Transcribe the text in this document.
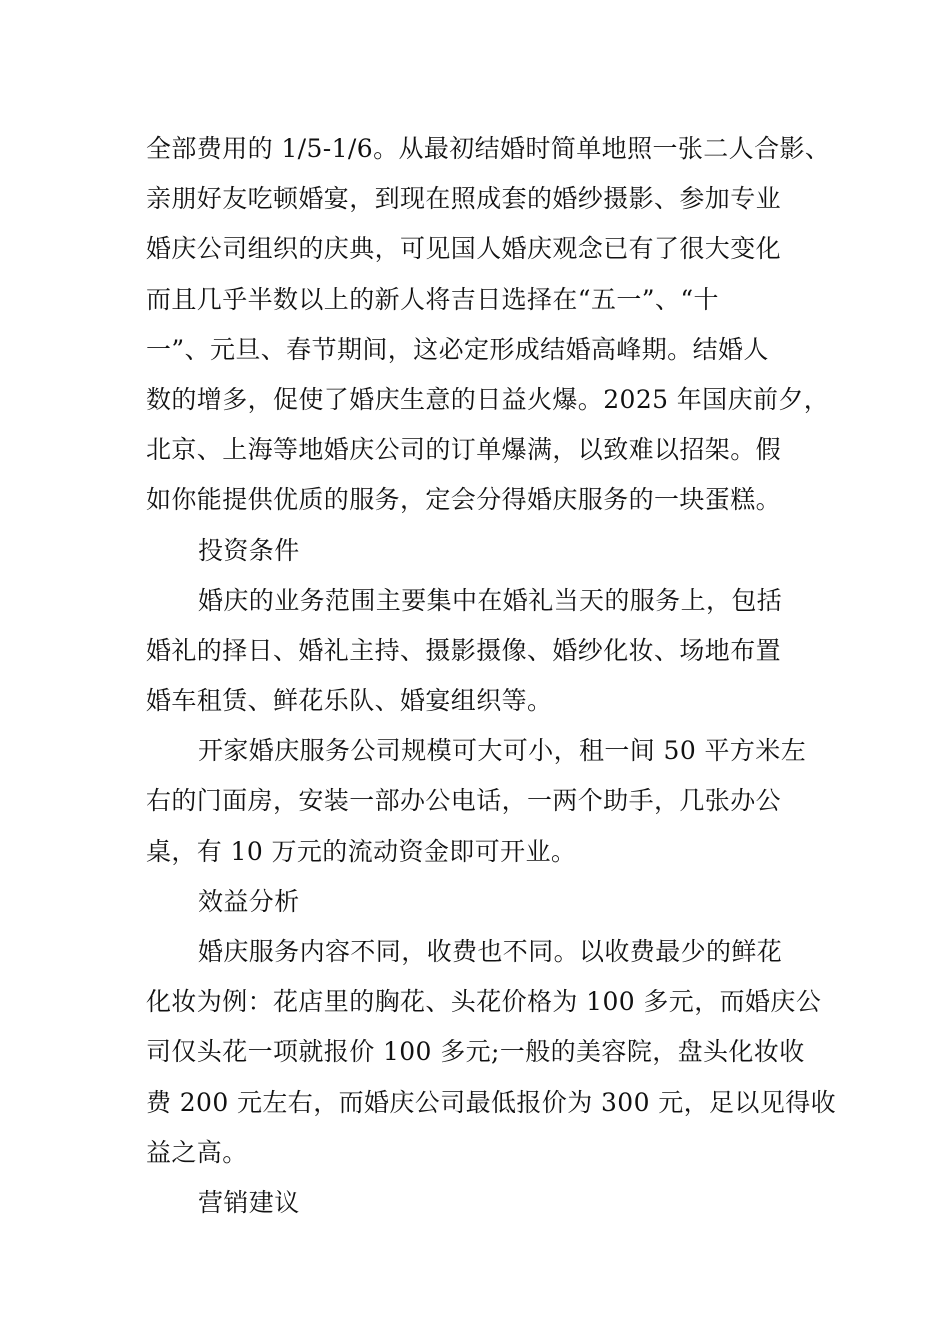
全部费用的 1/5-1/6。从最初结婚时简单地照一张二人合影、
亲朋好友吃顿婚宴，到现在照成套的婚纱摄影、参加专业
婚庆公司组织的庆典，可见国人婚庆观念已有了很大变化
而且几乎半数以上的新人将吉日选择在“五一”、“十
一”、元旦、春节期间，这必定形成结婚高峰期。结婚人
数的增多，促使了婚庆生意的日益火爆。2025 年国庆前夕，
北京、上海等地婚庆公司的订单爆满，以致难以招架。假
如你能提供优质的服务，定会分得婚庆服务的一块蛋糕。
投资条件
婚庆的业务范围主要集中在婚礼当天的服务上，包括
婚礼的择日、婚礼主持、摄影摄像、婚纱化妆、场地布置
婚车租赁、鲜花乐队、婚宴组织等。
开家婚庆服务公司规模可大可小，租一间 50 平方米左
右的门面房，安装一部办公电话，一两个助手，几张办公
桌，有 10 万元的流动资金即可开业。
效益分析
婚庆服务内容不同，收费也不同。以收费最少的鲜花
化妆为例：花店里的胸花、头花价格为 100 多元，而婚庆公
司仅头花一项就报价 100 多元;一般的美容院，盘头化妆收
费 200 元左右，而婚庆公司最低报价为 300 元，足以见得收
益之高。
营销建议
